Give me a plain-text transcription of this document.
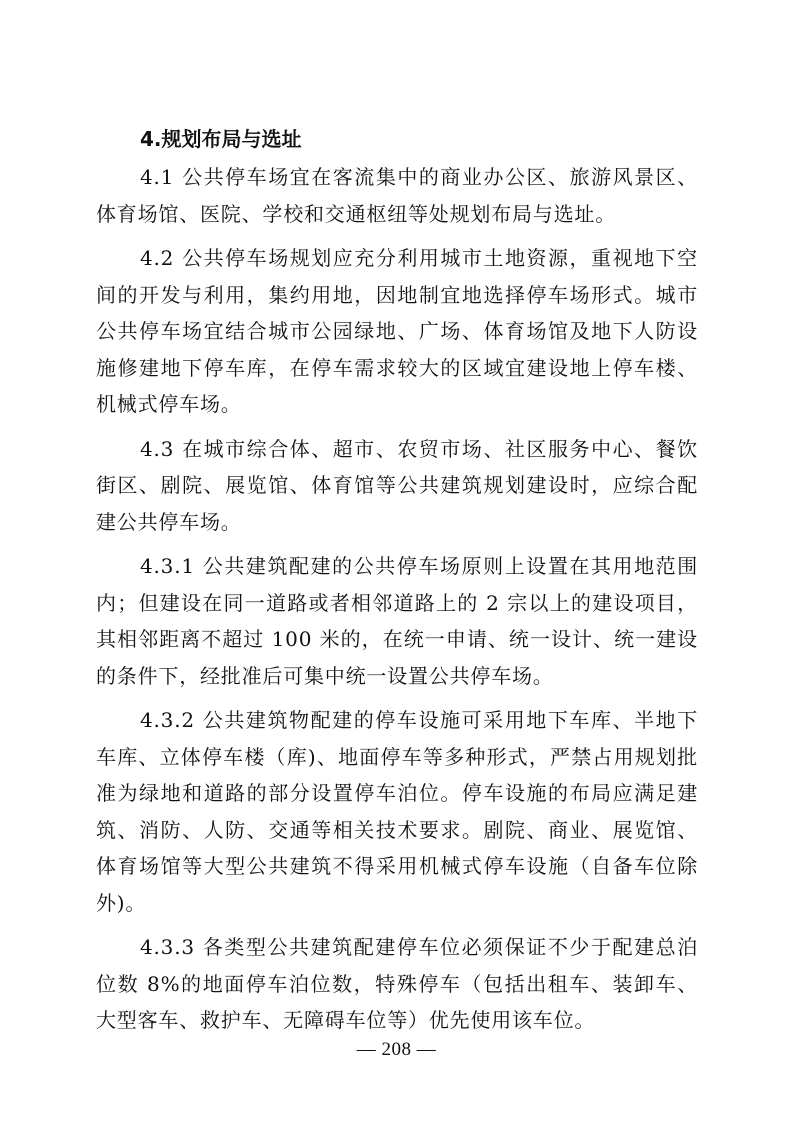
4.规划布局与选址

4.1 公共停车场宜在客流集中的商业办公区、旅游风景区、体育场馆、医院、学校和交通枢纽等处规划布局与选址。

4.2 公共停车场规划应充分利用城市土地资源，重视地下空间的开发与利用，集约用地，因地制宜地选择停车场形式。城市公共停车场宜结合城市公园绿地、广场、体育场馆及地下人防设施修建地下停车库，在停车需求较大的区域宜建设地上停车楼、机械式停车场。

4.3 在城市综合体、超市、农贸市场、社区服务中心、餐饮街区、剧院、展览馆、体育馆等公共建筑规划建设时，应综合配建公共停车场。

4.3.1 公共建筑配建的公共停车场原则上设置在其用地范围内；但建设在同一道路或者相邻道路上的 2 宗以上的建设项目，其相邻距离不超过 100 米的，在统一申请、统一设计、统一建设的条件下，经批准后可集中统一设置公共停车场。

4.3.2 公共建筑物配建的停车设施可采用地下车库、半地下车库、立体停车楼（库)、地面停车等多种形式，严禁占用规划批准为绿地和道路的部分设置停车泊位。停车设施的布局应满足建筑、消防、人防、交通等相关技术要求。剧院、商业、展览馆、体育场馆等大型公共建筑不得采用机械式停车设施（自备车位除外)。

4.3.3 各类型公共建筑配建停车位必须保证不少于配建总泊位数 8%的地面停车泊位数，特殊停车（包括出租车、装卸车、大型客车、救护车、无障碍车位等）优先使用该车位。

— 208 —
